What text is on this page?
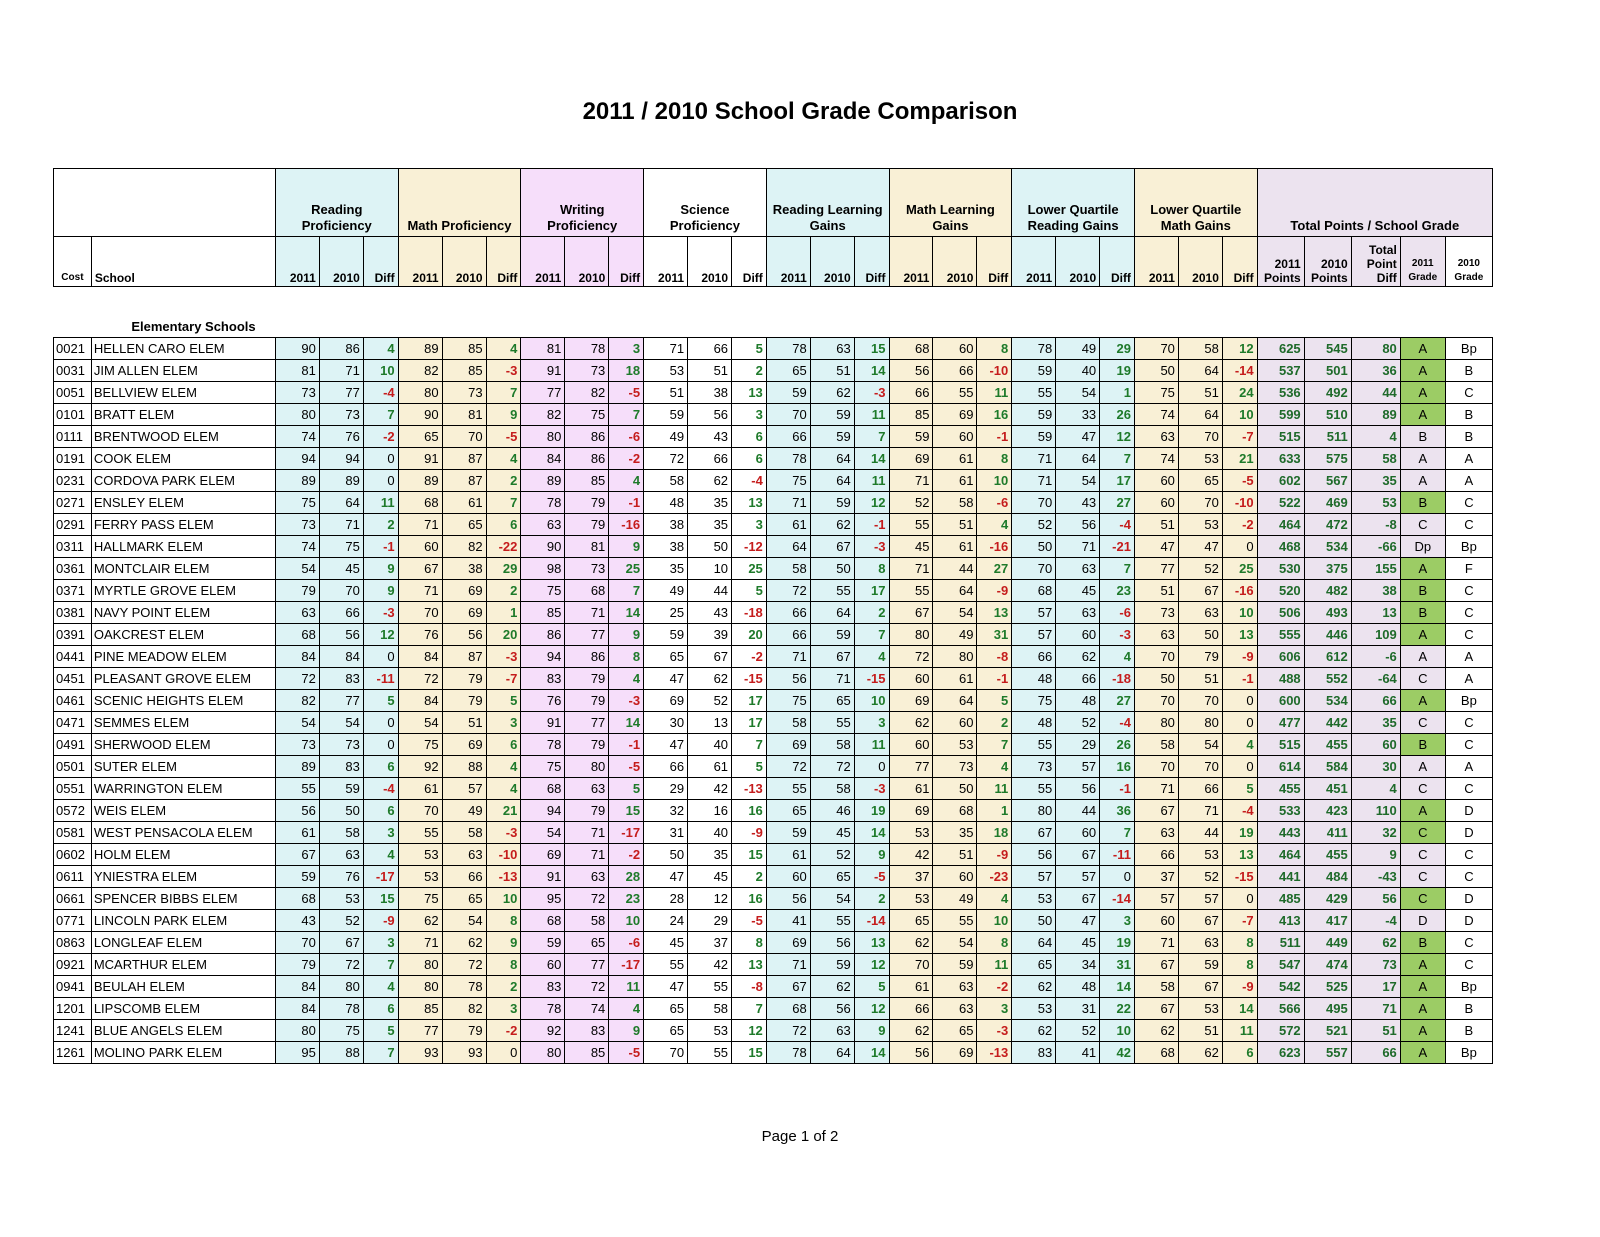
2011 / 2010 School Grade Comparison
		Reading Proficiency			Math Proficiency			Writing Proficiency			Science Proficiency			Reading Learning Gains			Math Learning Gains			Lower Quartile Reading Gains			Lower Quartile Math Gains			Total Points / School Grade				
Cost	School	2011	2010	Diff	2011	2010	Diff	2011	2010	Diff	2011	2010	Diff	2011	2010	Diff	2011	2010	Diff	2011	2010	Diff	2011	2010	Diff	2011 Points	2010 Points	Total Point Diff	2011 Grade	2010 Grade
	Elementary Schools																													
0021	HELLEN CARO ELEM	90	86	4	89	85	4	81	78	3	71	66	5	78	63	15	68	60	8	78	49	29	70	58	12	625	545	80	A	Bp
0031	JIM ALLEN ELEM	81	71	10	82	85	-3	91	73	18	53	51	2	65	51	14	56	66	-10	59	40	19	50	64	-14	537	501	36	A	B
0051	BELLVIEW ELEM	73	77	-4	80	73	7	77	82	-5	51	38	13	59	62	-3	66	55	11	55	54	1	75	51	24	536	492	44	A	C
0101	BRATT ELEM	80	73	7	90	81	9	82	75	7	59	56	3	70	59	11	85	69	16	59	33	26	74	64	10	599	510	89	A	B
0111	BRENTWOOD ELEM	74	76	-2	65	70	-5	80	86	-6	49	43	6	66	59	7	59	60	-1	59	47	12	63	70	-7	515	511	4	B	B
0191	COOK ELEM	94	94	0	91	87	4	84	86	-2	72	66	6	78	64	14	69	61	8	71	64	7	74	53	21	633	575	58	A	A
0231	CORDOVA PARK ELEM	89	89	0	89	87	2	89	85	4	58	62	-4	75	64	11	71	61	10	71	54	17	60	65	-5	602	567	35	A	A
0271	ENSLEY ELEM	75	64	11	68	61	7	78	79	-1	48	35	13	71	59	12	52	58	-6	70	43	27	60	70	-10	522	469	53	B	C
0291	FERRY PASS ELEM	73	71	2	71	65	6	63	79	-16	38	35	3	61	62	-1	55	51	4	52	56	-4	51	53	-2	464	472	-8	C	C
0311	HALLMARK ELEM	74	75	-1	60	82	-22	90	81	9	38	50	-12	64	67	-3	45	61	-16	50	71	-21	47	47	0	468	534	-66	Dp	Bp
0361	MONTCLAIR ELEM	54	45	9	67	38	29	98	73	25	35	10	25	58	50	8	71	44	27	70	63	7	77	52	25	530	375	155	A	F
0371	MYRTLE GROVE ELEM	79	70	9	71	69	2	75	68	7	49	44	5	72	55	17	55	64	-9	68	45	23	51	67	-16	520	482	38	B	C
0381	NAVY POINT ELEM	63	66	-3	70	69	1	85	71	14	25	43	-18	66	64	2	67	54	13	57	63	-6	73	63	10	506	493	13	B	C
0391	OAKCREST ELEM	68	56	12	76	56	20	86	77	9	59	39	20	66	59	7	80	49	31	57	60	-3	63	50	13	555	446	109	A	C
0441	PINE MEADOW ELEM	84	84	0	84	87	-3	94	86	8	65	67	-2	71	67	4	72	80	-8	66	62	4	70	79	-9	606	612	-6	A	A
0451	PLEASANT GROVE ELEM	72	83	-11	72	79	-7	83	79	4	47	62	-15	56	71	-15	60	61	-1	48	66	-18	50	51	-1	488	552	-64	C	A
0461	SCENIC HEIGHTS ELEM	82	77	5	84	79	5	76	79	-3	69	52	17	75	65	10	69	64	5	75	48	27	70	70	0	600	534	66	A	Bp
0471	SEMMES ELEM	54	54	0	54	51	3	91	77	14	30	13	17	58	55	3	62	60	2	48	52	-4	80	80	0	477	442	35	C	C
0491	SHERWOOD ELEM	73	73	0	75	69	6	78	79	-1	47	40	7	69	58	11	60	53	7	55	29	26	58	54	4	515	455	60	B	C
0501	SUTER ELEM	89	83	6	92	88	4	75	80	-5	66	61	5	72	72	0	77	73	4	73	57	16	70	70	0	614	584	30	A	A
0551	WARRINGTON ELEM	55	59	-4	61	57	4	68	63	5	29	42	-13	55	58	-3	61	50	11	55	56	-1	71	66	5	455	451	4	C	C
0572	WEIS ELEM	56	50	6	70	49	21	94	79	15	32	16	16	65	46	19	69	68	1	80	44	36	67	71	-4	533	423	110	A	D
0581	WEST PENSACOLA ELEM	61	58	3	55	58	-3	54	71	-17	31	40	-9	59	45	14	53	35	18	67	60	7	63	44	19	443	411	32	C	D
0602	HOLM ELEM	67	63	4	53	63	-10	69	71	-2	50	35	15	61	52	9	42	51	-9	56	67	-11	66	53	13	464	455	9	C	C
0611	YNIESTRA ELEM	59	76	-17	53	66	-13	91	63	28	47	45	2	60	65	-5	37	60	-23	57	57	0	37	52	-15	441	484	-43	C	C
0661	SPENCER BIBBS ELEM	68	53	15	75	65	10	95	72	23	28	12	16	56	54	2	53	49	4	53	67	-14	57	57	0	485	429	56	C	D
0771	LINCOLN PARK ELEM	43	52	-9	62	54	8	68	58	10	24	29	-5	41	55	-14	65	55	10	50	47	3	60	67	-7	413	417	-4	D	D
0863	LONGLEAF ELEM	70	67	3	71	62	9	59	65	-6	45	37	8	69	56	13	62	54	8	64	45	19	71	63	8	511	449	62	B	C
0921	MCARTHUR ELEM	79	72	7	80	72	8	60	77	-17	55	42	13	71	59	12	70	59	11	65	34	31	67	59	8	547	474	73	A	C
0941	BEULAH ELEM	84	80	4	80	78	2	83	72	11	47	55	-8	67	62	5	61	63	-2	62	48	14	58	67	-9	542	525	17	A	Bp
1201	LIPSCOMB ELEM	84	78	6	85	82	3	78	74	4	65	58	7	68	56	12	66	63	3	53	31	22	67	53	14	566	495	71	A	B
1241	BLUE ANGELS ELEM	80	75	5	77	79	-2	92	83	9	65	53	12	72	63	9	62	65	-3	62	52	10	62	51	11	572	521	51	A	B
1261	MOLINO PARK ELEM	95	88	7	93	93	0	80	85	-5	70	55	15	78	64	14	56	69	-13	83	41	42	68	62	6	623	557	66	A	Bp
Page 1 of 2
